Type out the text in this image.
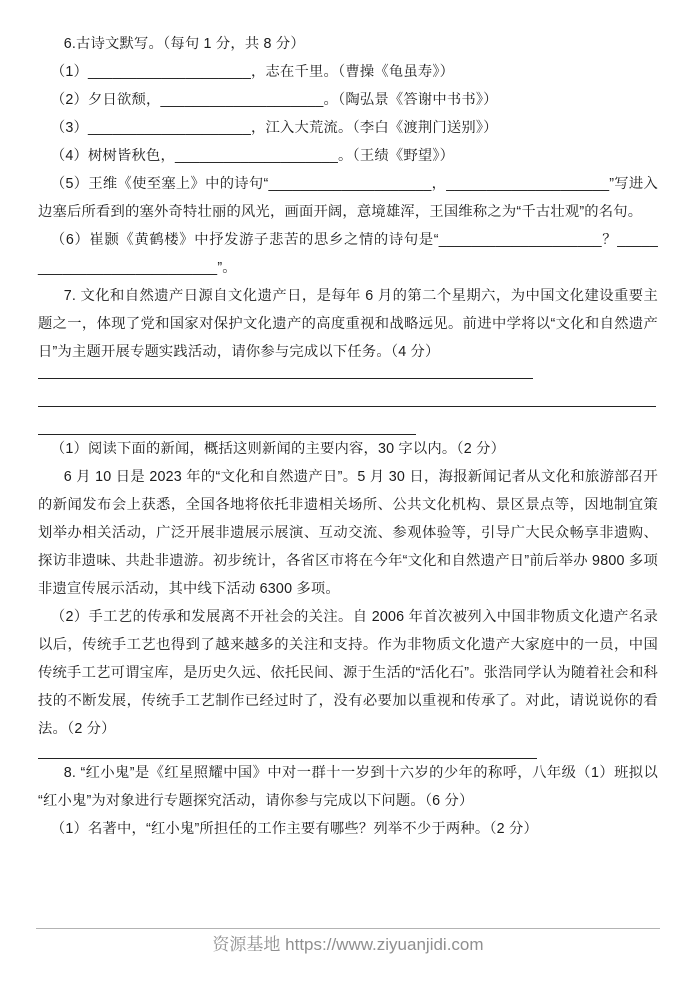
6.古诗文默写。（每句 1 分，共 8 分）

（1）____________________，志在千里。（曹操《龟虽寿》）

（2）夕日欲颓，____________________。（陶弘景《答谢中书书》）

（3）____________________，江入大荒流。（李白《渡荆门送别》）

（4）树树皆秋色，____________________。（王绩《野望》）

（5）王维《使至塞上》中的诗句“____________________，____________________”写进入边塞后所看到的塞外奇特壮丽的风光，画面开阔，意境雄浑，王国维称之为“千古壮观”的名句。

（6）崔颢《黄鹤楼》中抒发游子悲苦的思乡之情的诗句是“____________________？_____ ______________________”。

7. 文化和自然遗产日源自文化遗产日，是每年 6 月的第二个星期六，为中国文化建设重要主题之一，体现了党和国家对保护文化遗产的高度重视和战略远见。前进中学将以“文化和自然遗产日”为主题开展专题实践活动，请你参与完成以下任务。（4 分）

（1）阅读下面的新闻，概括这则新闻的主要内容，30 字以内。（2 分）

6 月 10 日是 2023 年的“文化和自然遗产日”。5 月 30 日，海报新闻记者从文化和旅游部召开的新闻发布会上获悉，全国各地将依托非遗相关场所、公共文化机构、景区景点等，因地制宜策划举办相关活动，广泛开展非遗展示展演、互动交流、参观体验等，引导广大民众畅享非遗购、探访非遗味、共赴非遗游。初步统计，各省区市将在今年“文化和自然遗产日”前后举办 9800 多项非遗宣传展示活动，其中线下活动 6300 多项。

（2）手工艺的传承和发展离不开社会的关注。自 2006 年首次被列入中国非物质文化遗产名录以后，传统手工艺也得到了越来越多的关注和支持。作为非物质文化遗产大家庭中的一员，中国传统手工艺可谓宝库，是历史久远、依托民间、源于生活的“活化石”。张浩同学认为随着社会和科技的不断发展，传统手工艺制作已经过时了，没有必要加以重视和传承了。对此，请说说你的看法。（2 分）

8. “红小鬼”是《红星照耀中国》中对一群十一岁到十六岁的少年的称呼，八年级（1）班拟以“红小鬼”为对象进行专题探究活动，请你参与完成以下问题。（6 分）

（1）名著中，“红小鬼”所担任的工作主要有哪些？列举不少于两种。（2 分）

资源基地 https://www.ziyuanjidi.com
